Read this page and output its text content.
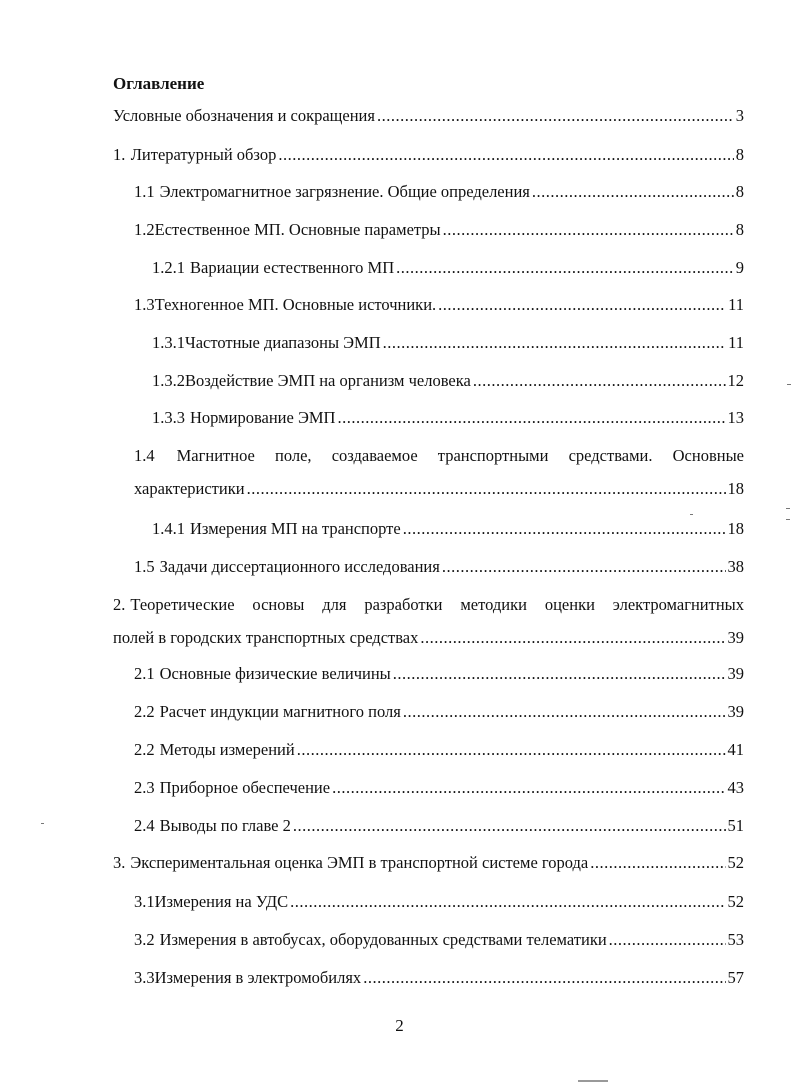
Оглавление
Условные обозначения и сокращения .....	3
1. Литературный обзор .....	8
1.1 Электромагнитное загрязнение. Общие определения .....	8
1.2 Естественное МП. Основные параметры .....	8
1.2.1 Вариации естественного МП .....	9
1.3 Техногенное МП. Основные источники. .....	11
1.3.1 Частотные диапазоны ЭМП .....	11
1.3.2 Воздействие ЭМП на организм человека .....	12
1.3.3 Нормирование ЭМП .....	13
1.4 Магнитное поле, создаваемое транспортными средствами. Основные
характеристики .....	18
1.4.1 Измерения МП на транспорте .....	18
1.5 Задачи диссертационного исследования .....	38
2. Теоретические основы для разработки методики оценки электромагнитных
полей в городских транспортных средствах .....	39
2.1 Основные физические величины .....	39
2.2 Расчет индукции магнитного поля .....	39
2.2 Методы измерений .....	41
2.3 Приборное обеспечение .....	43
2.4 Выводы по главе 2 .....	51
3. Экспериментальная оценка ЭМП в транспортной системе города .....	52
3.1 Измерения на УДС .....	52
3.2 Измерения в автобусах, оборудованных средствами телематики .....	53
3.3 Измерения в электромобилях .....	57
2
